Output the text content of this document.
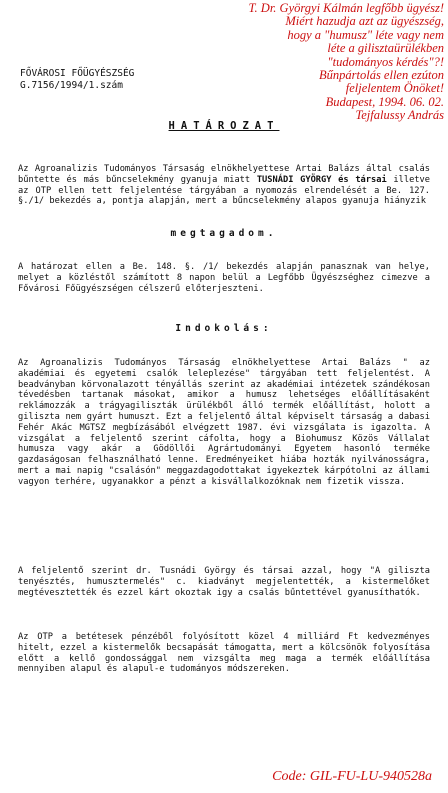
T. Dr. Györgyi Kálmán legfőbb ügyész!
Miért hazudja azt az ügyészség,
hogy a "humusz" léte vagy nem
léte a gilisztaürülékben
"tudományos kérdés"?!
Bűnpártolás ellen ezúton
feljelentem Önöket!
Budapest, 1994. 06. 02.
Tejfalussy András
FŐVÁROSI FŐÜGYÉSZSÉG
G.7156/1994/1.szám
HATÁROZAT
Az Agroanalizis Tudományos Társaság elnökhelyettese Artai Balázs által csalás bűntette és más bűncselekmény gyanuja miatt TUSNÁDI GYÖRGY és társai illetve az OTP ellen tett feljelentése tárgyában a nyomozás elrendelését a Be. 127. §./1/ bekezdés a, pontja alapján, mert a bűncselekmény alapos gyanuja hiányzik
megtagadom.
A határozat ellen a Be. 148. §. /1/ bekezdés alapján panasznak van helye, melyet a közléstől számított 8 napon belül a Legfőbb Ügyészséghez cimezve a Fővárosi Főügyészségen célszerű előterjeszteni.
Indokolás:
Az Agroanalizis Tudományos Társaság elnökhelyettese Artai Balázs " az akadémiai és egyetemi csalók leleplezése" tárgyában tett feljelentést. A beadványban körvonalazott tényállás szerint az akadémiai intézetek szándékosan tévedésben tartanak másokat, amikor a humusz lehetséges előállításaként reklámozzák a trágyagiliszták ürülékből álló termék előállítást, holott a giliszta nem gyárt humuszt. Ezt a feljelentő által képviselt társaság a dabasi Fehér Akác MGTSZ megbízásából elvégzett 1987. évi vizsgálata is igazolta. A vizsgálat a feljelentő szerint cáfolta, hogy a Biohumusz Közös Vállalat humusza vagy akár a Gödöllői Agrártudományi Egyetem hasonló terméke gazdaságosan felhasználható lenne. Eredményeiket hiába hozták nyilvánosságra, mert a mai napig "csalásón" meggazdagodottakat igyekeztek kárpótolni az állami vagyon terhére, ugyanakkor a pénzt a kisvállalkozóknak nem fizetik vissza.
A feljelentő szerint dr. Tusnádi György és társai azzal, hogy "A giliszta tenyésztés, humusztermelés" c. kiadványt megjelentették, a kistermelőket megtévesztették és ezzel kárt okoztak igy a csalás bűntettével gyanusíthatók.
Az OTP a betétesek pénzéből folyósított közel 4 milliárd Ft kedvezményes hitelt, ezzel a kistermelők becsapását támogatta, mert a kölcsönök folyosítása előtt a kellő gondossággal nem vizsgálta meg maga a termék előállítása mennyiben alapul és alapul-e tudományos módszereken.
Code: GIL-FU-LU-940528a
